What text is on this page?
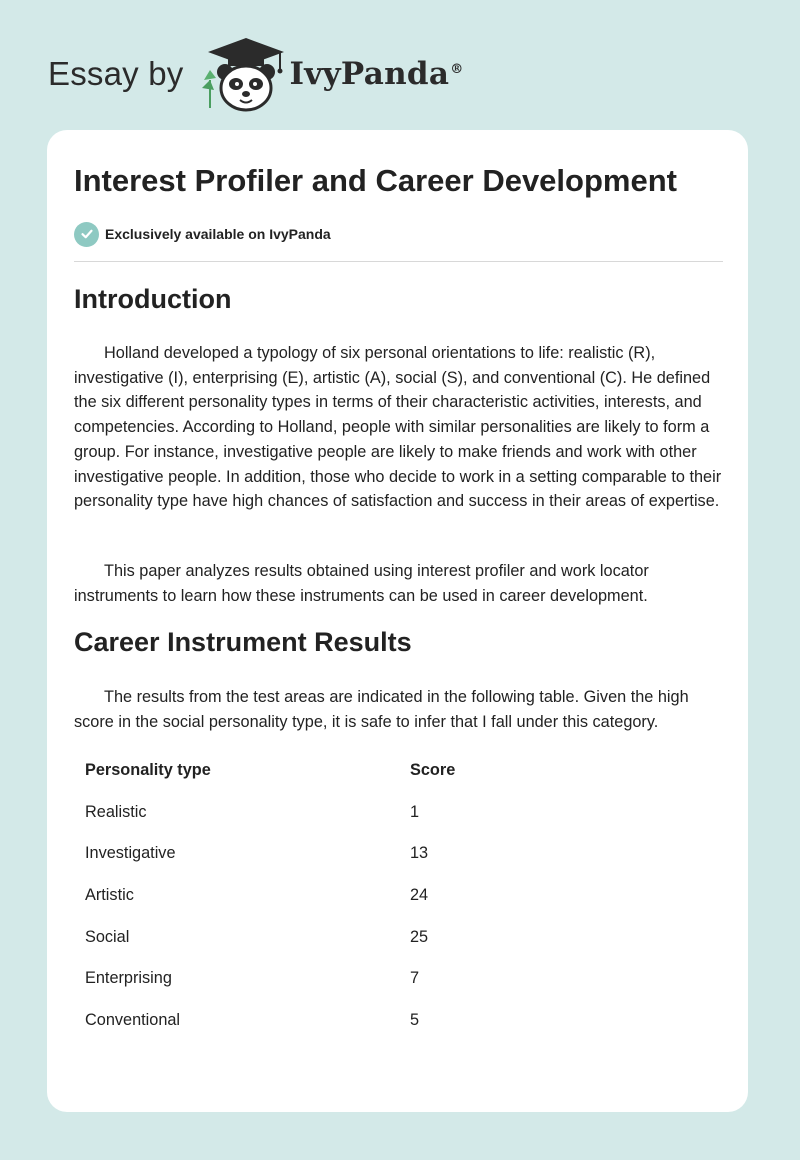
Essay by	IvyPanda®
Interest Profiler and Career Development
Exclusively available on IvyPanda
Introduction

Holland developed a typology of six personal orientations to life: realistic (R), investigative (I), enterprising (E), artistic (A), social (S), and conventional (C). He defined the six different personality types in terms of their characteristic activities, interests, and competencies. According to Holland, people with similar personalities are likely to form a group. For instance, investigative people are likely to make friends and work with other investigative people. In addition, those who decide to work in a setting comparable to their personality type have high chances of satisfaction and success in their areas of expertise.

This paper analyzes results obtained using interest profiler and work locator instruments to learn how these instruments can be used in career development.

Career Instrument Results

The results from the test areas are indicated in the following table. Given the high score in the social personality type, it is safe to infer that I fall under this category.

Personality type	Score
Realistic	1
Investigative	13
Artistic	24
Social	25
Enterprising	7
Conventional	5
